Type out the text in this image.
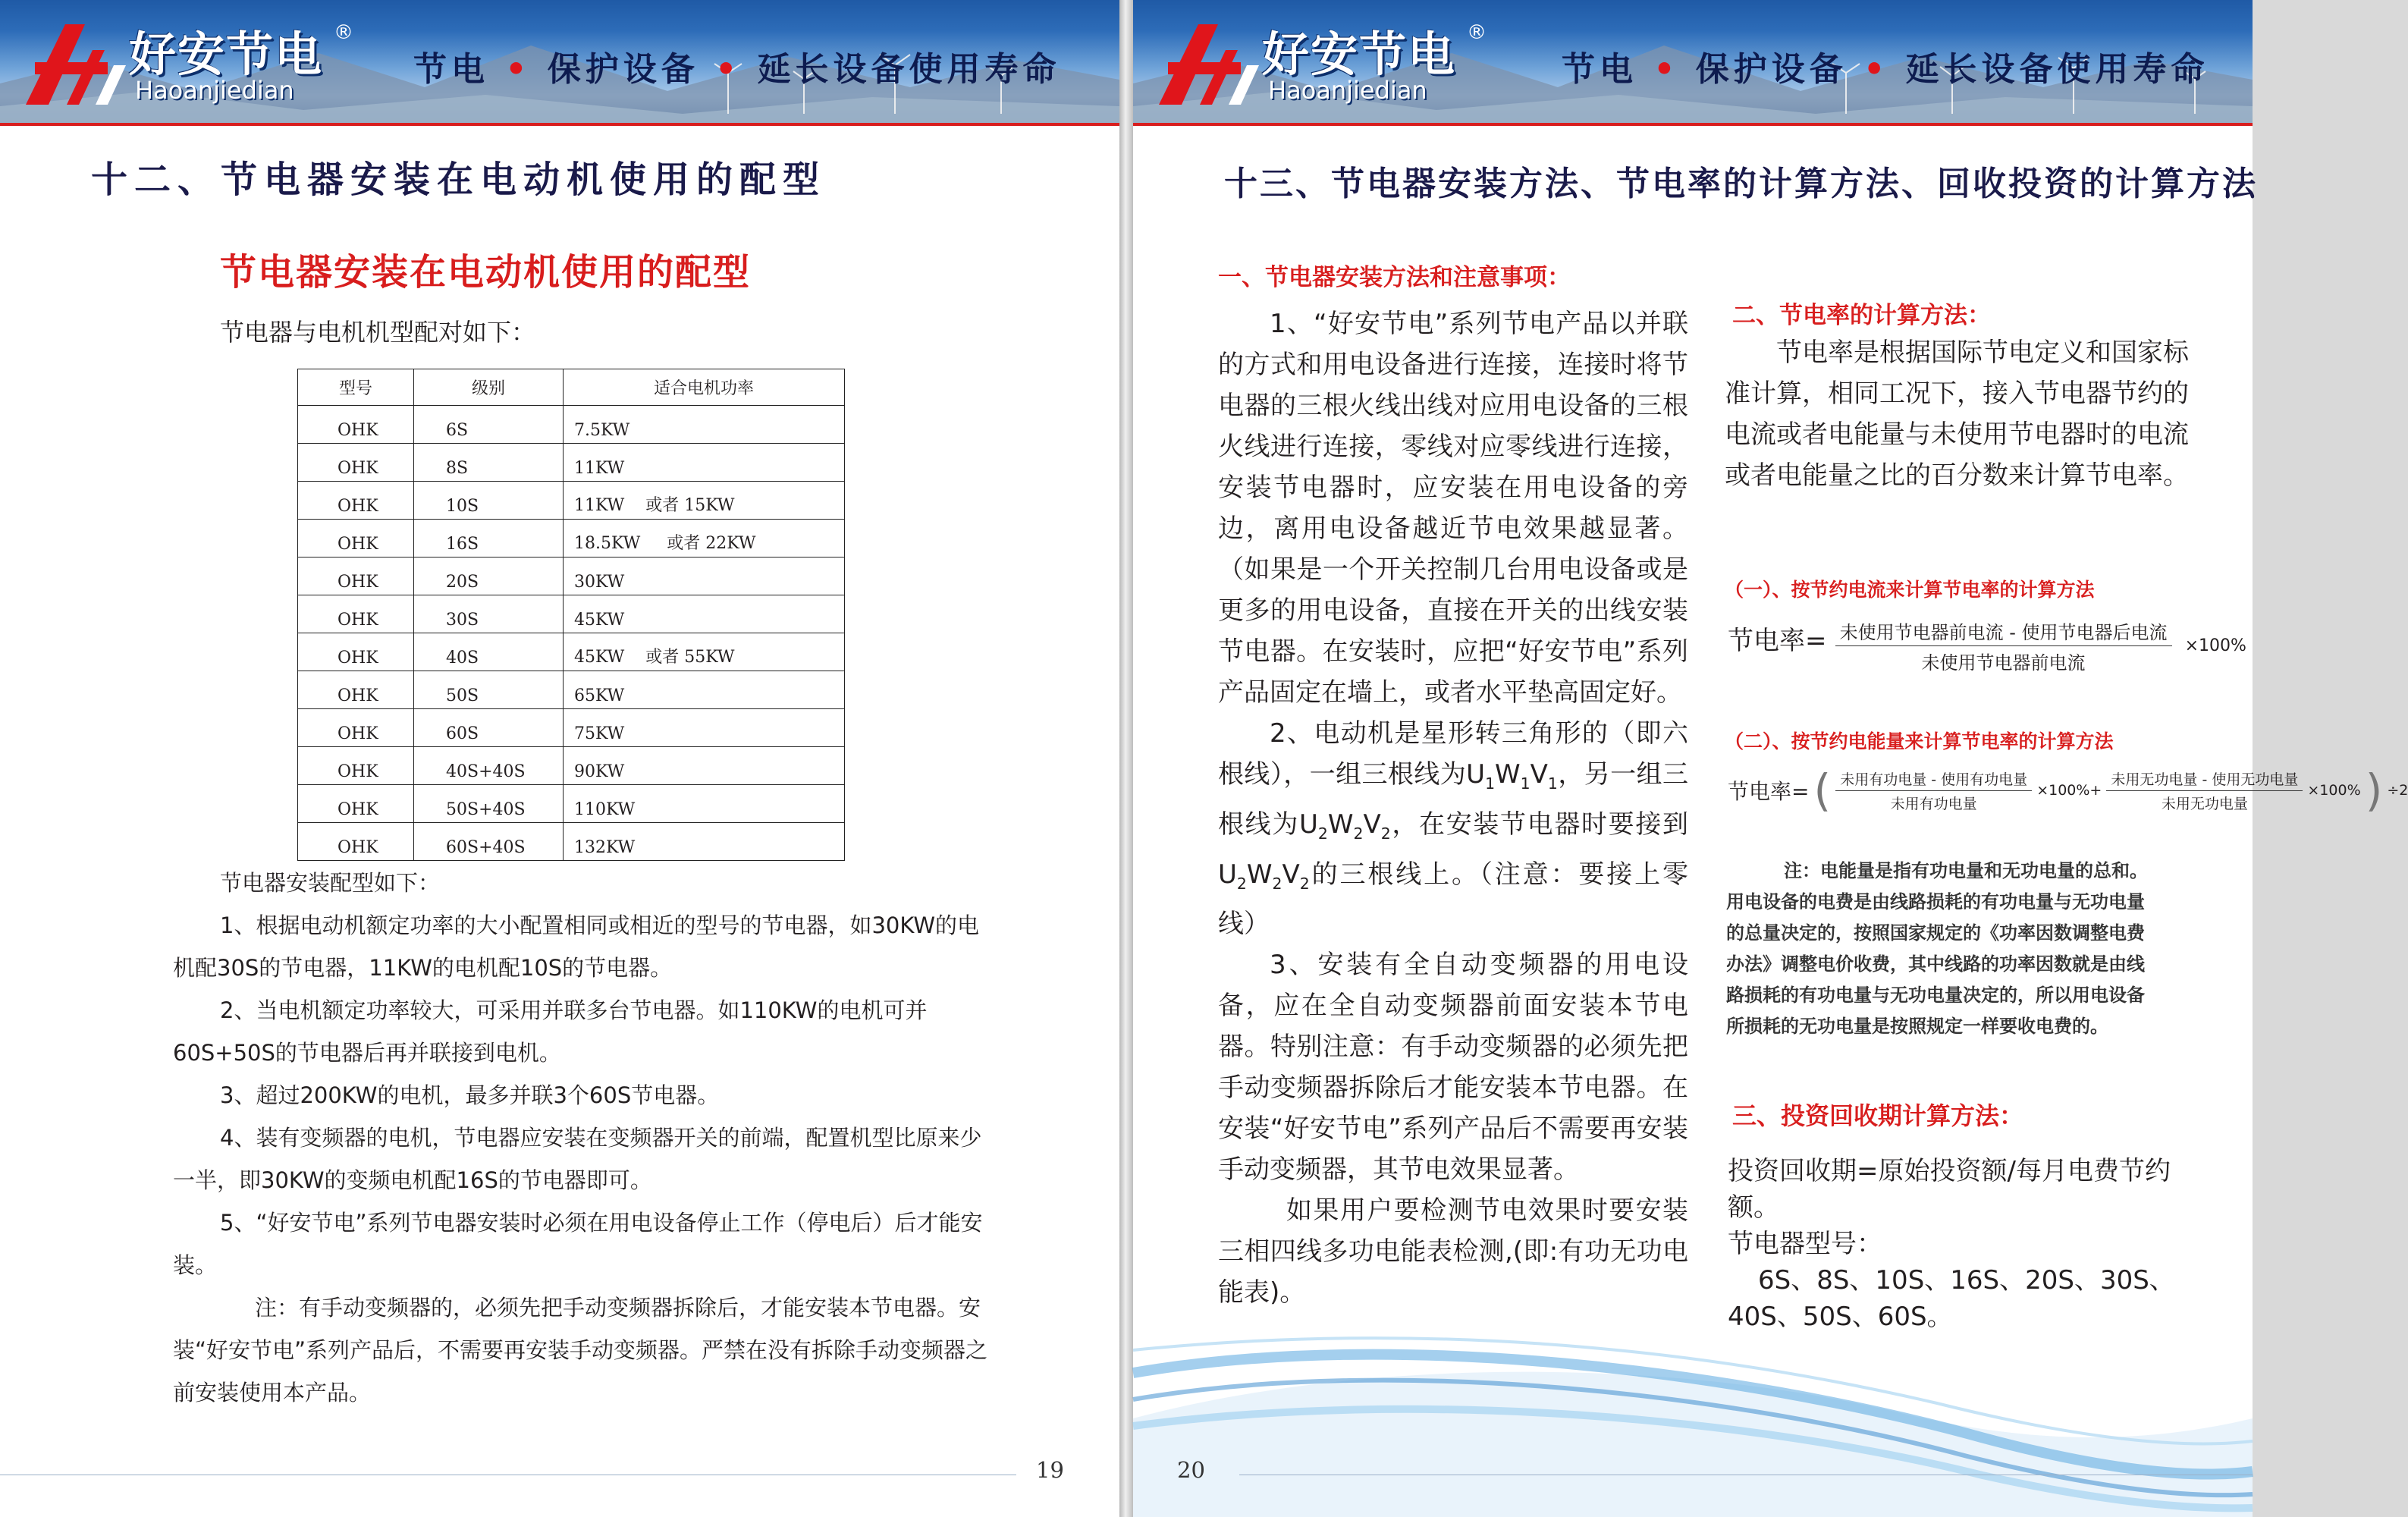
好安节电 ®
Haoanjiedian
节电 • 保护设备 • 延长设备使用寿命
十二、节电器安装在电动机使用的配型
节电器安装在电动机使用的配型
节电器与电机机型配对如下：
型号	级别	适合电机功率
OHK	6S	7.5KW
OHK	8S	11KW
OHK	10S	11KW    或者 15KW
OHK	16S	18.5KW     或者 22KW
OHK	20S	30KW
OHK	30S	45KW
OHK	40S	45KW    或者 55KW
OHK	50S	65KW
OHK	60S	75KW
OHK	40S+40S	90KW
OHK	50S+40S	110KW
OHK	60S+40S	132KW

节电器安装配型如下：

1、根据电动机额定功率的大小配置相同或相近的型号的节电器，如30KW的电机配30S的节电器，11KW的电机配10S的节电器。

2、当电机额定功率较大，可采用并联多台节电器。如110KW的电机可并60S+50S的节电器后再并联接到电机。

3、超过200KW的电机，最多并联3个60S节电器。

4、装有变频器的电机，节电器应安装在变频器开关的前端，配置机型比原来少一半，即30KW的变频电机配16S的节电器即可。

5、“好安节电”系列节电器安装时必须在用电设备停止工作（停电后）后才能安装。

注：有手动变频器的，必须先把手动变频器拆除后，才能安装本节电器。安装“好安节电”系列产品后，不需要再安装手动变频器。严禁在没有拆除手动变频器之前安装使用本产品。

19
好安节电 ®
Haoanjiedian
节电 • 保护设备 • 延长设备使用寿命
十三、节电器安装方法、节电率的计算方法、回收投资的计算方法
一、节电器安装方法和注意事项：

1、“好安节电”系列节电产品以并联的方式和用电设备进行连接，连接时将节电器的三根火线出线对应用电设备的三根火线进行连接，零线对应零线进行连接，安装节电器时，应安装在用电设备的旁边，离用电设备越近节电效果越显著。（如果是一个开关控制几台用电设备或是更多的用电设备，直接在开关的出线安装节电器。在安装时，应把“好安节电”系列产品固定在墙上，或者水平垫高固定好。

2、电动机是星形转三角形的（即六根线），一组三根线为$U_1W_1V_1$，另一组三根线为$U_2W_2V_2$，在安装节电器时要接到$U_2W_2V_2$的三根线上。（注意：要接上零线）

3、安装有全自动变频器的用电设备，应在全自动变频器前面安装本节电器。特别注意：有手动变频器的必须先把手动变频器拆除后才能安装本节电器。在安装“好安节电”系列产品后不需要再安装手动变频器，其节电效果显著。

如果用户要检测节电效果时要安装三相四线多功电能表检测,(即:有功无功电能表)。

二、节电率的计算方法：
节电率是根据国际节电定义和国家标准计算，相同工况下，接入节电器节约的电流或者电能量与未使用节电器时的电流或者电能量之比的百分数来计算节电率。
（一）、按节约电流来计算节电率的计算方法
节电率= $\frac{\text{未使用节电器前电流 - 使用节电器后电流}}{\text{未使用节电器前电流}} \times 100\%$
（二）、按节约电能量来计算节电率的计算方法
节电率= ( $\frac{\text{未用有功电量 - 使用有功电量}}{\text{未用有功电量}} \times 100\%+ \frac{\text{未用无功电量 - 使用无功电量}}{\text{未用无功电量}} \times 100\%$ ) ÷2

注：电能量是指有功电量和无功电量的总和。用电设备的电费是由线路损耗的有功电量与无功电量的总量决定的，按照国家规定的《功率因数调整电费办法》调整电价收费，其中线路的功率因数就是由线路损耗的有功电量与无功电量决定的，所以用电设备所损耗的无功电量是按照规定一样要收电费的。

三、投资回收期计算方法：

投资回收期=原始投资额/每月电费节约额。

节电器型号：

6S、8S、10S、16S、20S、30S、40S、50S、60S。

20
